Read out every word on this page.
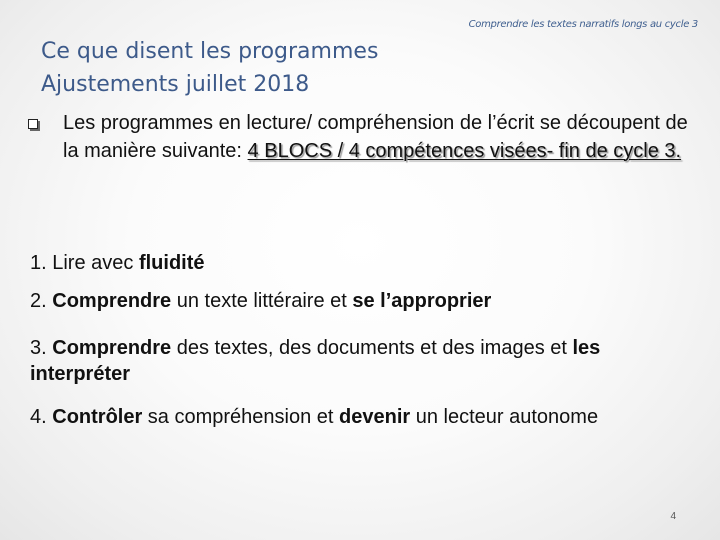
Comprendre les textes narratifs longs au cycle 3
Ce que disent les programmes
Ajustements juillet 2018
Les programmes en lecture/ compréhension de l’écrit se découpent de la manière suivante: 4 BLOCS / 4 compétences visées- fin de cycle 3.

1. Lire avec fluidité

2. Comprendre un texte littéraire et se l’approprier

3. Comprendre des textes, des documents et des images et les interpréter

4. Contrôler sa compréhension et devenir un lecteur autonome

4
